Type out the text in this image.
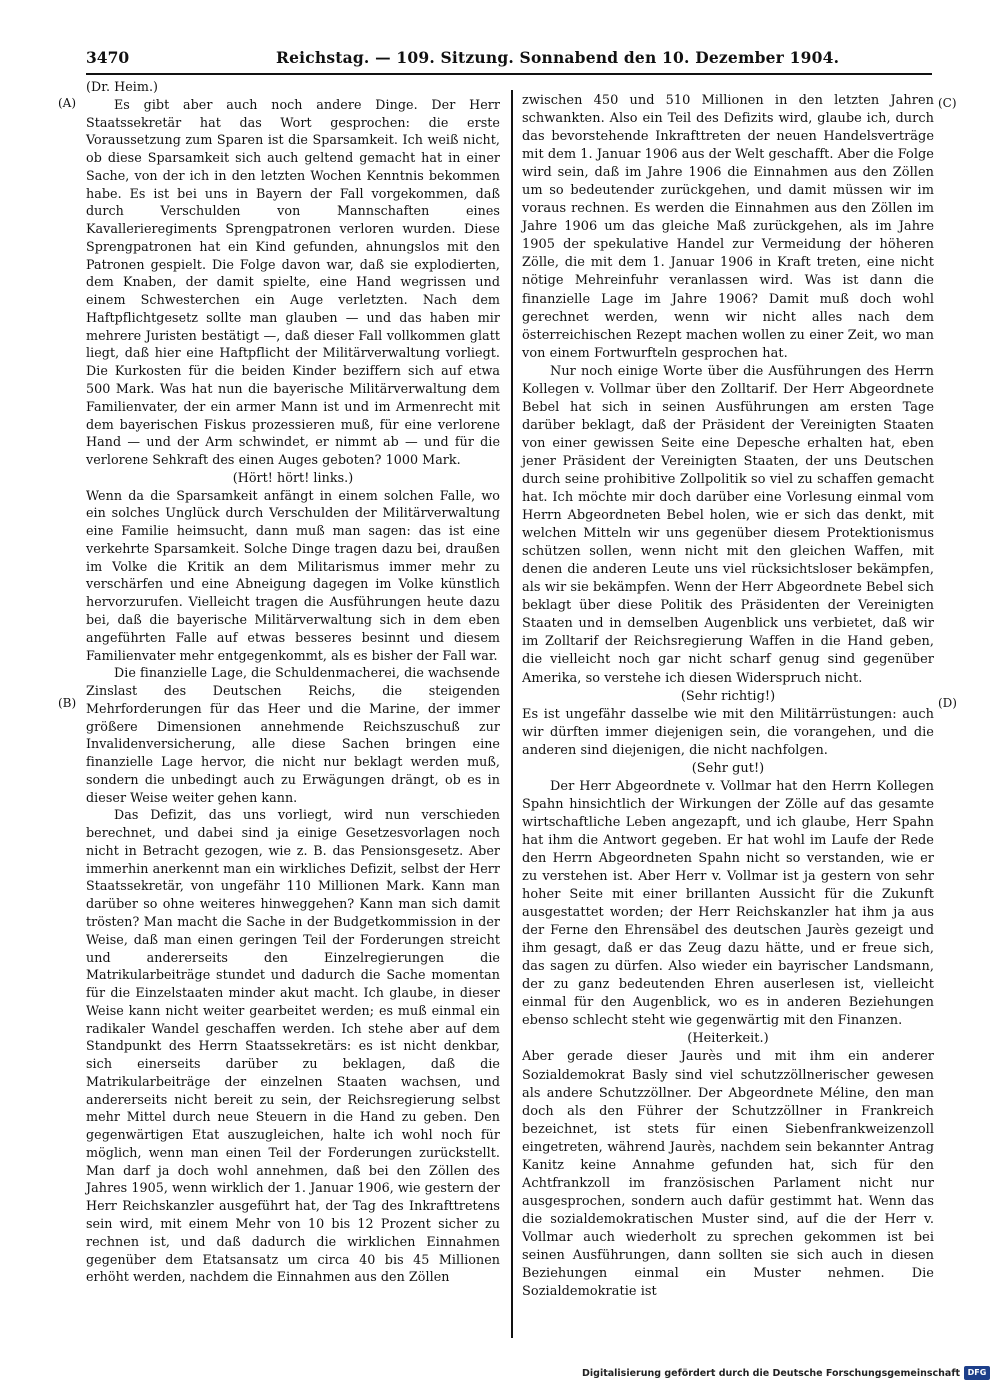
3470	Reichstag. — 109. Sitzung. Sonnabend den 10. Dezember 1904.
(A)
(B)
(C)
(D)
(Dr. Heim.)

Es gibt aber auch noch andere Dinge. Der Herr Staatssekretär hat das Wort gesprochen: die erste Voraussetzung zum Sparen ist die Sparsamkeit. Ich weiß nicht, ob diese Sparsamkeit sich auch geltend gemacht hat in einer Sache, von der ich in den letzten Wochen Kenntnis bekommen habe. Es ist bei uns in Bayern der Fall vorgekommen, daß durch Verschulden von Mannschaften eines Kavallerieregiments Sprengpatronen verloren wurden. Diese Sprengpatronen hat ein Kind gefunden, ahnungslos mit den Patronen gespielt. Die Folge davon war, daß sie explodierten, dem Knaben, der damit spielte, eine Hand wegrissen und einem Schwesterchen ein Auge verletzten. Nach dem Haftpflichtgesetz sollte man glauben — und das haben mir mehrere Juristen bestätigt —, daß dieser Fall vollkommen glatt liegt, daß hier eine Haftpflicht der Militärverwaltung vorliegt. Die Kurkosten für die beiden Kinder beziffern sich auf etwa 500 Mark. Was hat nun die bayerische Militärverwaltung dem Familienvater, der ein armer Mann ist und im Armenrecht mit dem bayerischen Fiskus prozessieren muß, für eine verlorene Hand — und der Arm schwindet, er nimmt ab — und für die verlorene Sehkraft des einen Auges geboten? 1000 Mark.

(Hört! hört! links.)

Wenn da die Sparsamkeit anfängt in einem solchen Falle, wo ein solches Unglück durch Verschulden der Militärverwaltung eine Familie heimsucht, dann muß man sagen: das ist eine verkehrte Sparsamkeit. Solche Dinge tragen dazu bei, draußen im Volke die Kritik an dem Militarismus immer mehr zu verschärfen und eine Abneigung dagegen im Volke künstlich hervorzurufen. Vielleicht tragen die Ausführungen heute dazu bei, daß die bayerische Militärverwaltung sich in dem eben angeführten Falle auf etwas besseres besinnt und diesem Familienvater mehr entgegenkommt, als es bisher der Fall war.

Die finanzielle Lage, die Schuldenmacherei, die wachsende Zinslast des Deutschen Reichs, die steigenden Mehrforderungen für das Heer und die Marine, der immer größere Dimensionen annehmende Reichszuschuß zur Invalidenversicherung, alle diese Sachen bringen eine finanzielle Lage hervor, die nicht nur beklagt werden muß, sondern die unbedingt auch zu Erwägungen drängt, ob es in dieser Weise weiter gehen kann.

Das Defizit, das uns vorliegt, wird nun verschieden berechnet, und dabei sind ja einige Gesetzesvorlagen noch nicht in Betracht gezogen, wie z. B. das Pensionsgesetz. Aber immerhin anerkennt man ein wirkliches Defizit, selbst der Herr Staatssekretär, von ungefähr 110 Millionen Mark. Kann man darüber so ohne weiteres hinweggehen? Kann man sich damit trösten? Man macht die Sache in der Budgetkommission in der Weise, daß man einen geringen Teil der Forderungen streicht und andererseits den Einzelregierungen die Matrikularbeiträge stundet und dadurch die Sache momentan für die Einzelstaaten minder akut macht. Ich glaube, in dieser Weise kann nicht weiter gearbeitet werden; es muß einmal ein radikaler Wandel geschaffen werden. Ich stehe aber auf dem Standpunkt des Herrn Staatssekretärs: es ist nicht denkbar, sich einerseits darüber zu beklagen, daß die Matrikularbeiträge der einzelnen Staaten wachsen, und andererseits nicht bereit zu sein, der Reichsregierung selbst mehr Mittel durch neue Steuern in die Hand zu geben. Den gegenwärtigen Etat auszugleichen, halte ich wohl noch für möglich, wenn man einen Teil der Forderungen zurückstellt. Man darf ja doch wohl annehmen, daß bei den Zöllen des Jahres 1905, wenn wirklich der 1. Januar 1906, wie gestern der Herr Reichskanzler ausgeführt hat, der Tag des Inkrafttretens sein wird, mit einem Mehr von 10 bis 12 Prozent sicher zu rechnen ist, und daß dadurch die wirklichen Einnahmen gegenüber dem Etatsansatz um circa 40 bis 45 Millionen erhöht werden, nachdem die Einnahmen aus den Zöllen

zwischen 450 und 510 Millionen in den letzten Jahren schwankten. Also ein Teil des Defizits wird, glaube ich, durch das bevorstehende Inkrafttreten der neuen Handelsverträge mit dem 1. Januar 1906 aus der Welt geschafft. Aber die Folge wird sein, daß im Jahre 1906 die Einnahmen aus den Zöllen um so bedeutender zurückgehen, und damit müssen wir im voraus rechnen. Es werden die Einnahmen aus den Zöllen im Jahre 1906 um das gleiche Maß zurückgehen, als im Jahre 1905 der spekulative Handel zur Vermeidung der höheren Zölle, die mit dem 1. Januar 1906 in Kraft treten, eine nicht nötige Mehreinfuhr veranlassen wird. Was ist dann die finanzielle Lage im Jahre 1906? Damit muß doch wohl gerechnet werden, wenn wir nicht alles nach dem österreichischen Rezept machen wollen zu einer Zeit, wo man von einem Fortwurfteln gesprochen hat.

Nur noch einige Worte über die Ausführungen des Herrn Kollegen v. Vollmar über den Zolltarif. Der Herr Abgeordnete Bebel hat sich in seinen Ausführungen am ersten Tage darüber beklagt, daß der Präsident der Vereinigten Staaten von einer gewissen Seite eine Depesche erhalten hat, eben jener Präsident der Vereinigten Staaten, der uns Deutschen durch seine prohibitive Zollpolitik so viel zu schaffen gemacht hat. Ich möchte mir doch darüber eine Vorlesung einmal vom Herrn Abgeordneten Bebel holen, wie er sich das denkt, mit welchen Mitteln wir uns gegenüber diesem Protektionismus schützen sollen, wenn nicht mit den gleichen Waffen, mit denen die anderen Leute uns viel rücksichtsloser bekämpfen, als wir sie bekämpfen. Wenn der Herr Abgeordnete Bebel sich beklagt über diese Politik des Präsidenten der Vereinigten Staaten und in demselben Augenblick uns verbietet, daß wir im Zolltarif der Reichsregierung Waffen in die Hand geben, die vielleicht noch gar nicht scharf genug sind gegenüber Amerika, so verstehe ich diesen Widerspruch nicht.

(Sehr richtig!)

Es ist ungefähr dasselbe wie mit den Militärrüstungen: auch wir dürften immer diejenigen sein, die vorangehen, und die anderen sind diejenigen, die nicht nachfolgen.

(Sehr gut!)

Der Herr Abgeordnete v. Vollmar hat den Herrn Kollegen Spahn hinsichtlich der Wirkungen der Zölle auf das gesamte wirtschaftliche Leben angezapft, und ich glaube, Herr Spahn hat ihm die Antwort gegeben. Er hat wohl im Laufe der Rede den Herrn Abgeordneten Spahn nicht so verstanden, wie er zu verstehen ist. Aber Herr v. Vollmar ist ja gestern von sehr hoher Seite mit einer brillanten Aussicht für die Zukunft ausgestattet worden; der Herr Reichskanzler hat ihm ja aus der Ferne den Ehrensäbel des deutschen Jaurès gezeigt und ihm gesagt, daß er das Zeug dazu hätte, und er freue sich, das sagen zu dürfen. Also wieder ein bayrischer Landsmann, der zu ganz bedeutenden Ehren auserlesen ist, vielleicht einmal für den Augenblick, wo es in anderen Beziehungen ebenso schlecht steht wie gegenwärtig mit den Finanzen.

(Heiterkeit.)

Aber gerade dieser Jaurès und mit ihm ein anderer Sozialdemokrat Basly sind viel schutzzöllnerischer gewesen als andere Schutzzöllner. Der Abgeordnete Méline, den man doch als den Führer der Schutzzöllner in Frankreich bezeichnet, ist stets für einen Siebenfrankweizenzoll eingetreten, während Jaurès, nachdem sein bekannter Antrag Kanitz keine Annahme gefunden hat, sich für den Achtfrankzoll im französischen Parlament nicht nur ausgesprochen, sondern auch dafür gestimmt hat. Wenn das die sozialdemokratischen Muster sind, auf die der Herr v. Vollmar auch wiederholt zu sprechen gekommen ist bei seinen Ausführungen, dann sollten sie sich auch in diesen Beziehungen einmal ein Muster nehmen. Die Sozialdemokratie ist

Digitalisierung gefördert durch die Deutsche Forschungsgemeinschaft DFG
